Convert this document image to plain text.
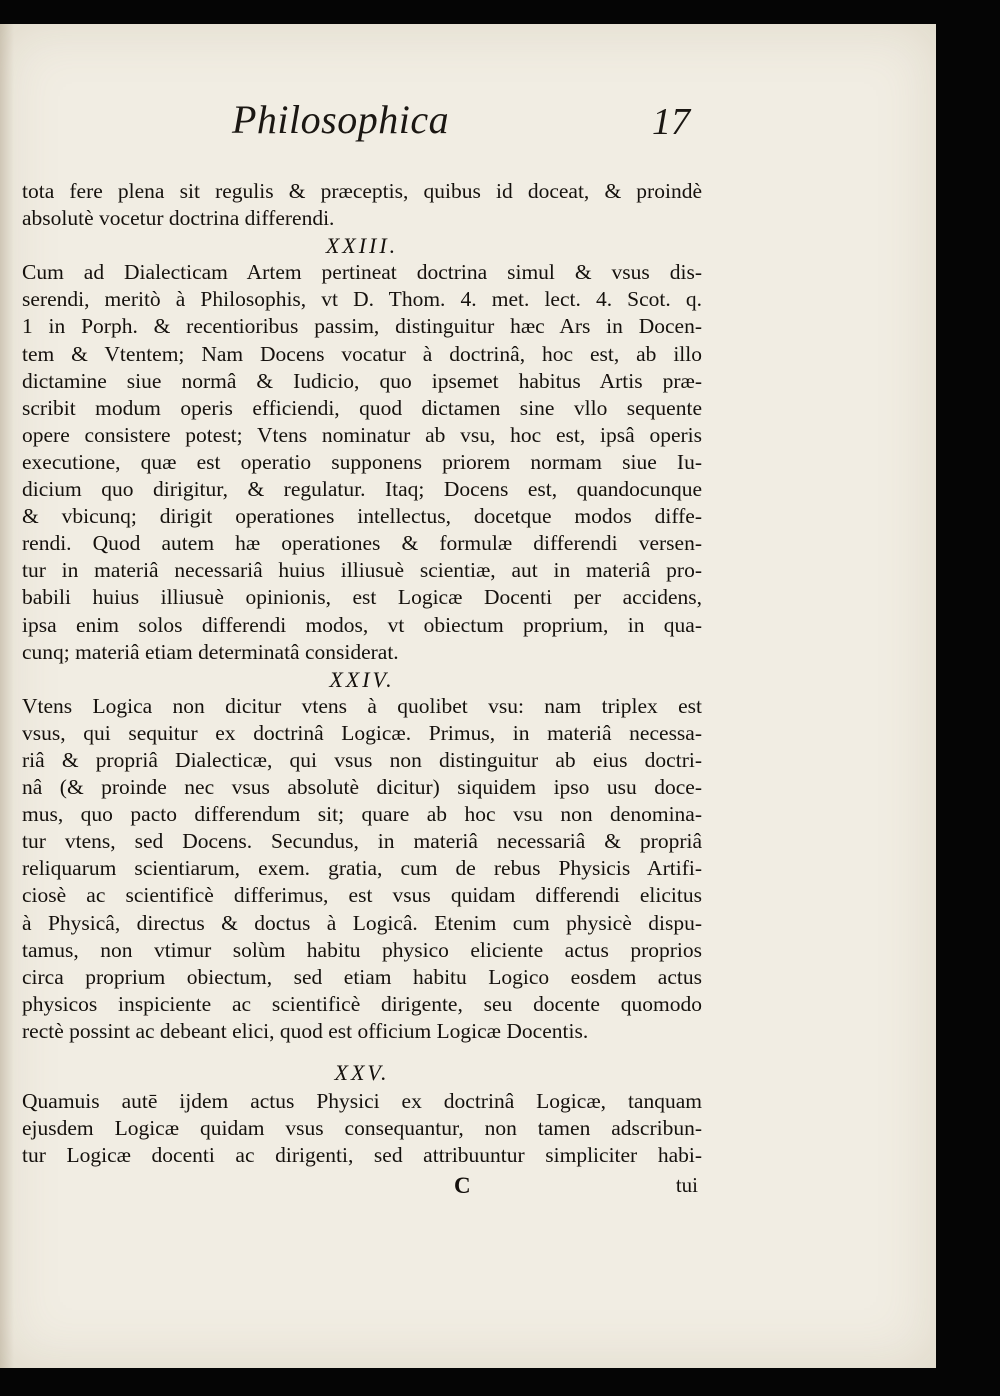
Philosophica	17
tota fere plena sit regulis & præceptis, quibus id doceat, & proindè
absolutè vocetur doctrina differendi.
XXIII.
Cum ad Dialecticam Artem pertineat doctrina simul & vsus dis-
serendi, meritò à Philosophis, vt D. Thom. 4. met. lect. 4. Scot. q.
1 in Porph. & recentioribus passim, distinguitur hæc Ars in Docen-
tem & Vtentem; Nam Docens vocatur à doctrinâ, hoc est, ab illo
dictamine siue normâ & Iudicio, quo ipsemet habitus Artis præ-
scribit modum operis efficiendi, quod dictamen sine vllo sequente
opere consistere potest; Vtens nominatur ab vsu, hoc est, ipsâ operis
executione, quæ est operatio supponens priorem normam siue Iu-
dicium quo dirigitur, & regulatur. Itaq; Docens est, quandocunque
& vbicunq; dirigit operationes intellectus, docetque modos diffe-
rendi. Quod autem hæ operationes & formulæ differendi versen-
tur in materiâ necessariâ huius illiusuè scientiæ, aut in materiâ pro-
babili huius illiusuè opinionis, est Logicæ Docenti per accidens,
ipsa enim solos differendi modos, vt obiectum proprium, in qua-
cunq; materiâ etiam determinatâ considerat.
XXIV.
Vtens Logica non dicitur vtens à quolibet vsu: nam triplex est
vsus, qui sequitur ex doctrinâ Logicæ. Primus, in materiâ necessa-
riâ & propriâ Dialecticæ, qui vsus non distinguitur ab eius doctri-
nâ (& proinde nec vsus absolutè dicitur) siquidem ipso usu doce-
mus, quo pacto differendum sit; quare ab hoc vsu non denomina-
tur vtens, sed Docens. Secundus, in materiâ necessariâ & propriâ
reliquarum scientiarum, exem. gratia, cum de rebus Physicis Artifi-
ciosè ac scientificè differimus, est vsus quidam differendi elicitus
à Physicâ, directus & doctus à Logicâ. Etenim cum physicè dispu-
tamus, non vtimur solùm habitu physico eliciente actus proprios
circa proprium obiectum, sed etiam habitu Logico eosdem actus
physicos inspiciente ac scientificè dirigente, seu docente quomodo
rectè possint ac debeant elici, quod est officium Logicæ Docentis.
XXV.
Quamuis autē ijdem actus Physici ex doctrinâ Logicæ, tanquam
ejusdem Logicæ quidam vsus consequantur, non tamen adscribun-
tur Logicæ docenti ac dirigenti, sed attribuuntur simpliciter habi-
C	tui
